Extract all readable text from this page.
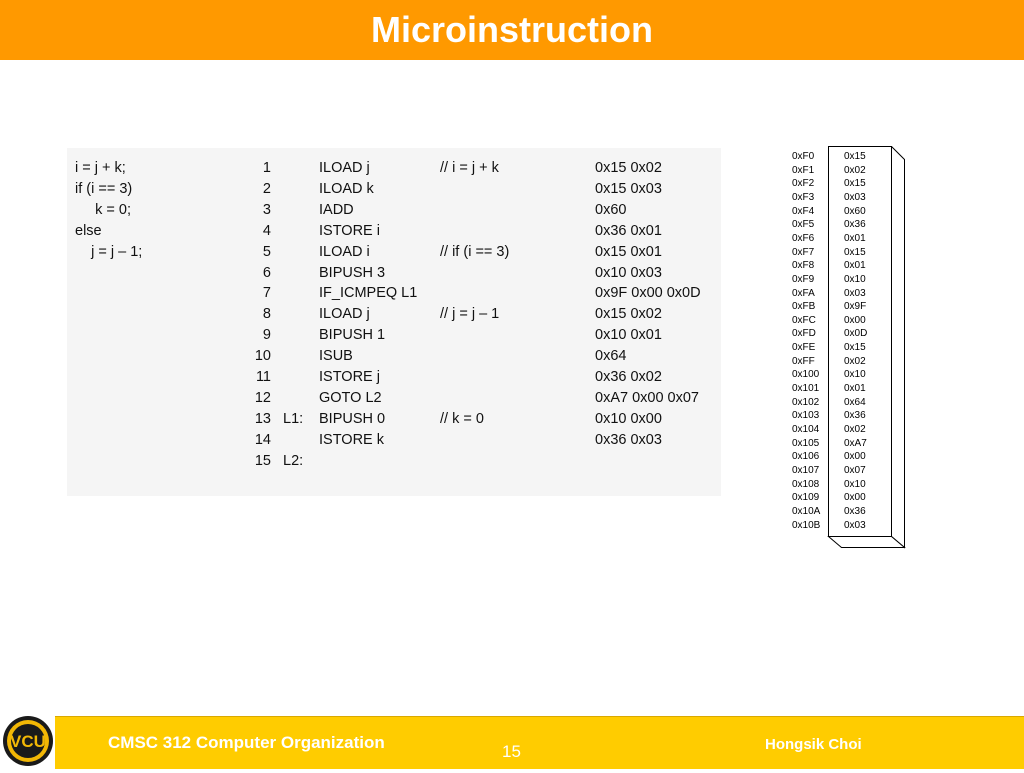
Microinstruction
i = j + k;	1	ILOAD j	// i = j + k	0x15 0x02
if (i == 3)	2	ILOAD k	0x15 0x03
k = 0;	3	IADD	0x60
else	4	ISTORE i	0x36 0x01
j = j – 1;	5	ILOAD i	// if (i == 3)	0x15 0x01
6	BIPUSH 3	0x10 0x03
7	IF_ICMPEQ L1	0x9F 0x00 0x0D
8	ILOAD j	// j = j – 1	0x15 0x02
9	BIPUSH 1	0x10 0x01
10	ISUB	0x64
11	ISTORE j	0x36 0x02
12	GOTO L2	0xA7 0x00 0x07
13 L1: BIPUSH 0	// k = 0	0x10 0x00
14	ISTORE k	0x36 0x03
15 L2:
0xF0	0x15
0xF1	0x02
0xF2	0x15
0xF3	0x03
0xF4	0x60
0xF5	0x36
0xF6	0x01
0xF7	0x15
0xF8	0x01
0xF9	0x10
0xFA	0x03
0xFB	0x9F
0xFC	0x00
0xFD	0x0D
0xFE	0x15
0xFF	0x02
0x100 0x10
0x101 0x01
0x102 0x64
0x103 0x36
0x104 0x02
0x105 0xA7
0x106 0x00
0x107 0x07
0x108 0x10
0x109 0x00
0x10A 0x36
0x10B 0x03
VCU	CMSC 312 Computer Organization	15	Hongsik Choi
